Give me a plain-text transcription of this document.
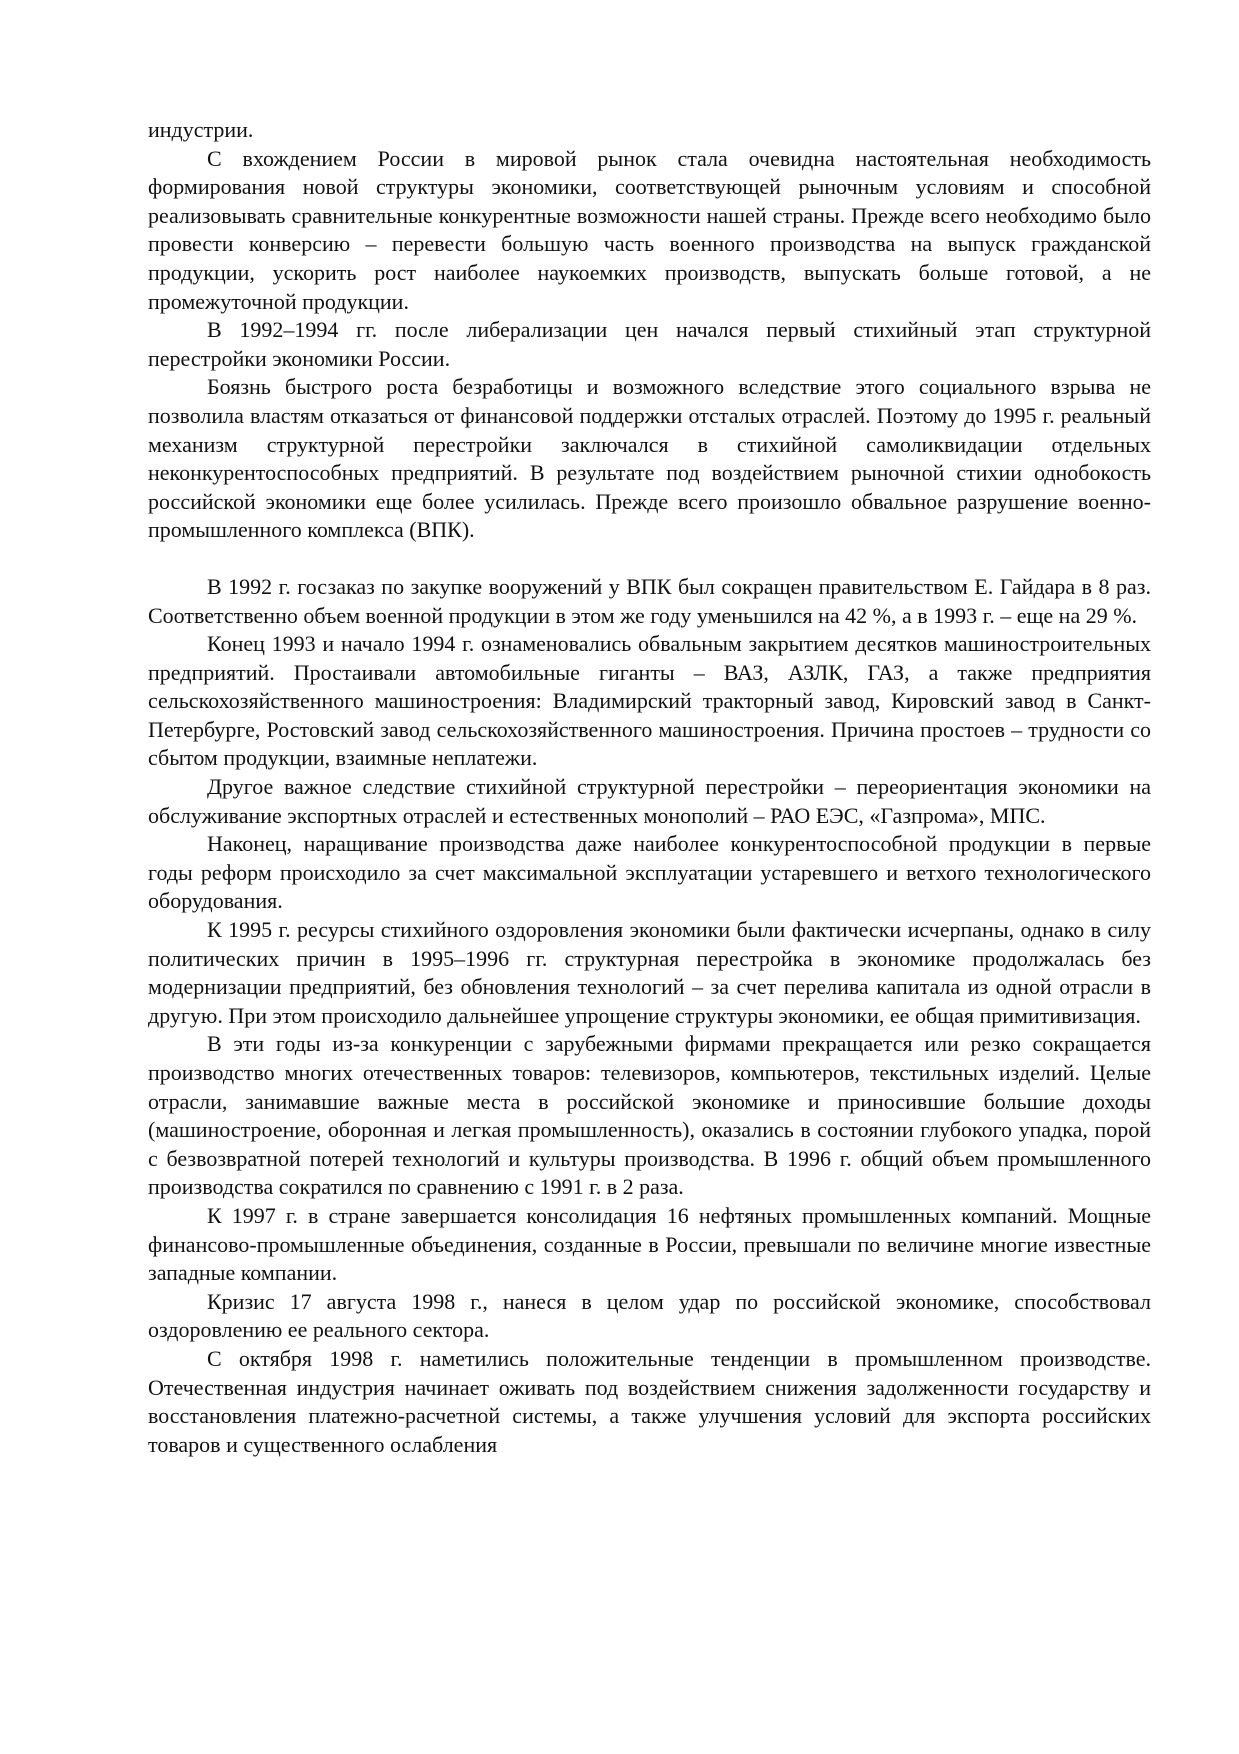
индустрии.

С вхождением России в мировой рынок стала очевидна настоятельная необходимость формирования новой структуры экономики, соответствующей рыночным условиям и способной реализовывать сравнительные конкурентные возможности нашей страны. Прежде всего необходимо было провести конверсию – перевести большую часть военного производства на выпуск гражданской продукции, ускорить рост наиболее наукоемких производств, выпускать больше готовой, а не промежуточной продукции.

В 1992–1994 гг. после либерализации цен начался первый стихийный этап структурной перестройки экономики России.

Боязнь быстрого роста безработицы и возможного вследствие этого социального взрыва не позволила властям отказаться от финансовой поддержки отсталых отраслей. Поэтому до 1995 г. реальный механизм структурной перестройки заключался в стихийной самоликвидации отдельных неконкурентоспособных предприятий. В результате под воздействием рыночной стихии однобокость российской экономики еще более усилилась. Прежде всего произошло обвальное разрушение военно-промышленного комплекса (ВПК).

В 1992 г. госзаказ по закупке вооружений у ВПК был сокращен правительством Е. Гайдара в 8 раз. Соответственно объем военной продукции в этом же году уменьшился на 42 %, а в 1993 г. – еще на 29 %.

Конец 1993 и начало 1994 г. ознаменовались обвальным закрытием десятков машиностроительных предприятий. Простаивали автомобильные гиганты – ВАЗ, АЗЛК, ГАЗ, а также предприятия сельскохозяйственного машиностроения: Владимирский тракторный завод, Кировский завод в Санкт-Петербурге, Ростовский завод сельскохозяйственного машиностроения. Причина простоев – трудности со сбытом продукции, взаимные неплатежи.

Другое важное следствие стихийной структурной перестройки – переориентация экономики на обслуживание экспортных отраслей и естественных монополий – РАО ЕЭС, «Газпрома», МПС.

Наконец, наращивание производства даже наиболее конкурентоспособной продукции в первые годы реформ происходило за счет максимальной эксплуатации устаревшего и ветхого технологического оборудования.

К 1995 г. ресурсы стихийного оздоровления экономики были фактически исчерпаны, однако в силу политических причин в 1995–1996 гг. структурная перестройка в экономике продолжалась без модернизации предприятий, без обновления технологий – за счет перелива капитала из одной отрасли в другую. При этом происходило дальнейшее упрощение структуры экономики, ее общая примитивизация.

В эти годы из-за конкуренции с зарубежными фирмами прекращается или резко сокращается производство многих отечественных товаров: телевизоров, компьютеров, текстильных изделий. Целые отрасли, занимавшие важные места в российской экономике и приносившие большие доходы (машиностроение, оборонная и легкая промышленность), оказались в состоянии глубокого упадка, порой с безвозвратной потерей технологий и культуры производства. В 1996 г. общий объем промышленного производства сократился по сравнению с 1991 г. в 2 раза.

К 1997 г. в стране завершается консолидация 16 нефтяных промышленных компаний. Мощные финансово-промышленные объединения, созданные в России, превышали по величине многие известные западные компании.

Кризис 17 августа 1998 г., нанеся в целом удар по российской экономике, способствовал оздоровлению ее реального сектора.

С октября 1998 г. наметились положительные тенденции в промышленном производстве. Отечественная индустрия начинает оживать под воздействием снижения задолженности государству и восстановления платежно-расчетной системы, а также улучшения условий для экспорта российских товаров и существенного ослабления
